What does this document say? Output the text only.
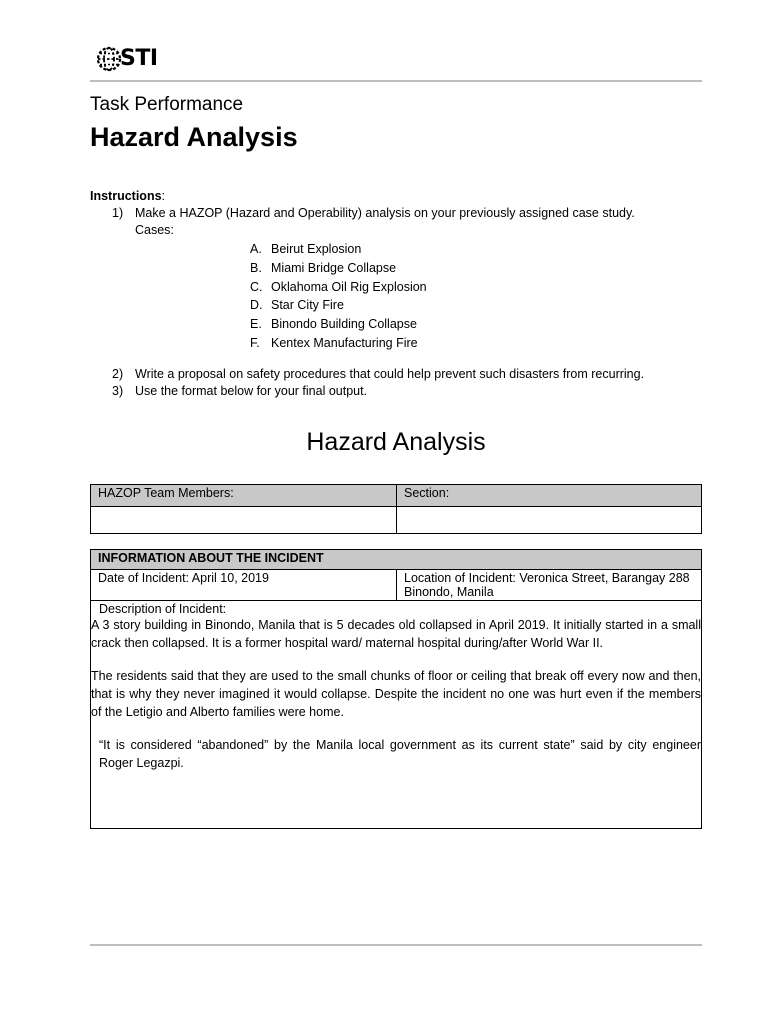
STI
Task Performance
Hazard Analysis
Instructions:
1) Make a HAZOP (Hazard and Operability) analysis on your previously assigned case study.
Cases:
A. Beirut Explosion
B. Miami Bridge Collapse
C. Oklahoma Oil Rig Explosion
D. Star City Fire
E. Binondo Building Collapse
F. Kentex Manufacturing Fire
2) Write a proposal on safety procedures that could help prevent such disasters from recurring.
3) Use the format below for your final output.
Hazard Analysis
HAZOP Team Members:	Section:

INFORMATION ABOUT THE INCIDENT
Date of Incident: April 10, 2019	Location of Incident: Veronica Street, Barangay 288 Binondo, Manila

Description of Incident:

A 3 story building in Binondo, Manila that is 5 decades old collapsed in April 2019. It initially started in a small crack then collapsed. It is a former hospital ward/ maternal hospital during/after World War II.

The residents said that they are used to the small chunks of floor or ceiling that break off every now and then, that is why they never imagined it would collapse. Despite the incident no one was hurt even if the members of the Letigio and Alberto families were home.

“It is considered “abandoned” by the Manila local government as its current state” said by city engineer Roger Legazpi.
